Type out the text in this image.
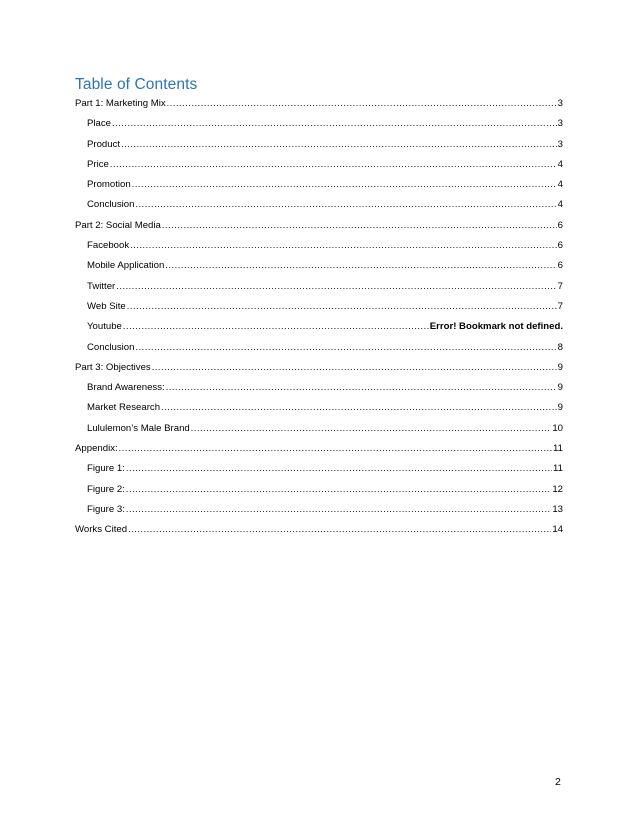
Table of Contents
Part 1: Marketing Mix .....	3
Place .....	3
Product .....	3
Price .....	4
Promotion .....	4
Conclusion .....	4
Part 2: Social Media .....	6
Facebook .....	6
Mobile Application .....	6
Twitter .....	7
Web Site .....	7
Youtube .....	Error! Bookmark not defined.
Conclusion .....	8
Part 3: Objectives .....	9
Brand Awareness: .....	9
Market Research .....	9
Lululemon’s Male Brand .....	10
Appendix: .....	11
Figure 1: .....	11
Figure 2: .....	12
Figure 3: .....	13
Works Cited .....	14
2
